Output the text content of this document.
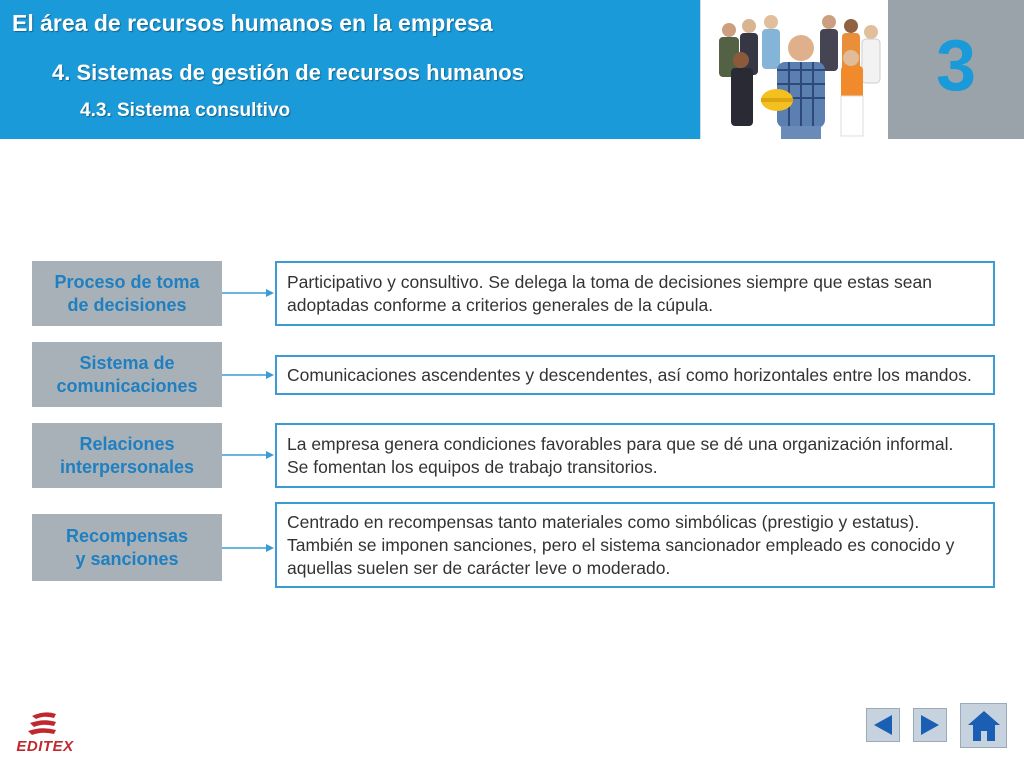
El área de recursos humanos en la empresa
4. Sistemas de gestión de recursos humanos
4.3. Sistema consultivo
3
Proceso de toma
de decisiones
Participativo y consultivo. Se delega la toma de decisiones siempre que estas sean
adoptadas conforme a criterios generales de la cúpula.
Sistema de
comunicaciones
Comunicaciones ascendentes y descendentes, así como horizontales entre los mandos.
Relaciones
interpersonales
La empresa genera condiciones favorables para que se dé una organización informal.
Se fomentan los equipos de trabajo transitorios.
Recompensas
y sanciones
Centrado en recompensas tanto materiales como simbólicas (prestigio y estatus).
También se imponen sanciones, pero el sistema sancionador empleado es conocido y
aquellas suelen ser de carácter leve o moderado.
EDITEX
